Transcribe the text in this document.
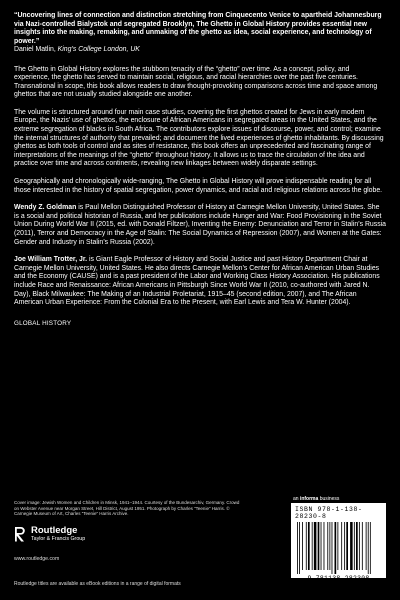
“Uncovering lines of connection and distinction stretching from Cinquecento Venice to apartheid Johannesburg via Nazi-controlled Bialystok and segregated Brooklyn, The Ghetto in Global History provides essential new insights into the making, remaking, and unmaking of the ghetto as idea, social experience, and technology of power.”

Daniel Matlin, King’s College London, UK

The Ghetto in Global History explores the stubborn tenacity of the “ghetto” over time. As a concept, policy, and experience, the ghetto has served to maintain social, religious, and racial hierarchies over the past five centuries. Transnational in scope, this book allows readers to draw thought-provoking comparisons across time and space among ghettos that are not usually studied alongside one another.

The volume is structured around four main case studies, covering the first ghettos created for Jews in early modern Europe, the Nazis’ use of ghettos, the enclosure of African Americans in segregated areas in the United States, and the extreme segregation of blacks in South Africa. The contributors explore issues of discourse, power, and control; examine the internal structures of authority that prevailed; and document the lived experiences of ghetto inhabitants. By discussing ghettos as both tools of control and as sites of resistance, this book offers an unprecedented and fascinating range of interpretations of the meanings of the “ghetto” throughout history. It allows us to trace the circulation of the idea and practice over time and across continents, revealing new linkages between widely disparate settings.

Geographically and chronologically wide-ranging, The Ghetto in Global History will prove indispensable reading for all those interested in the history of spatial segregation, power dynamics, and racial and religious relations across the globe.

Wendy Z. Goldman is Paul Mellon Distinguished Professor of History at Carnegie Mellon University, United States. She is a social and political historian of Russia, and her publications include Hunger and War: Food Provisioning in the Soviet Union During World War II (2015, ed. with Donald Filtzer), Inventing the Enemy: Denunciation and Terror in Stalin’s Russia (2011), Terror and Democracy in the Age of Stalin: The Social Dynamics of Repression (2007), and Women at the Gates: Gender and Industry in Stalin’s Russia (2002).

Joe William Trotter, Jr. is Giant Eagle Professor of History and Social Justice and past History Department Chair at Carnegie Mellon University, United States. He also directs Carnegie Mellon’s Center for African American Urban Studies and the Economy (CAUSE) and is a past president of the Labor and Working Class History Association. His publications include Race and Renaissance: African Americans in Pittsburgh Since World War II (2010, co-authored with Jared N. Day), Black Milwaukee: The Making of an Industrial Proletariat, 1915–45 (second edition, 2007), and The African American Urban Experience: From the Colonial Era to the Present, with Earl Lewis and Tera W. Hunter (2004).

GLOBAL HISTORY

Cover image: Jewish Women and Children in Minsk, 1941–1944. Courtesy of the Bundesarchiv, Germany. Crowd on Webster Avenue near Morgan Street, Hill District, August 1951. Photograph by Charles “Teenie” Harris. © Carnegie Museum of Art, Charles “Teenie” Harris Archive.
Routledge
Taylor & Francis Group
www.routledge.com
an informa business
ISBN 978-1-138-28230-8
9 781138 282308
Routledge titles are available as eBook editions in a range of digital formats
